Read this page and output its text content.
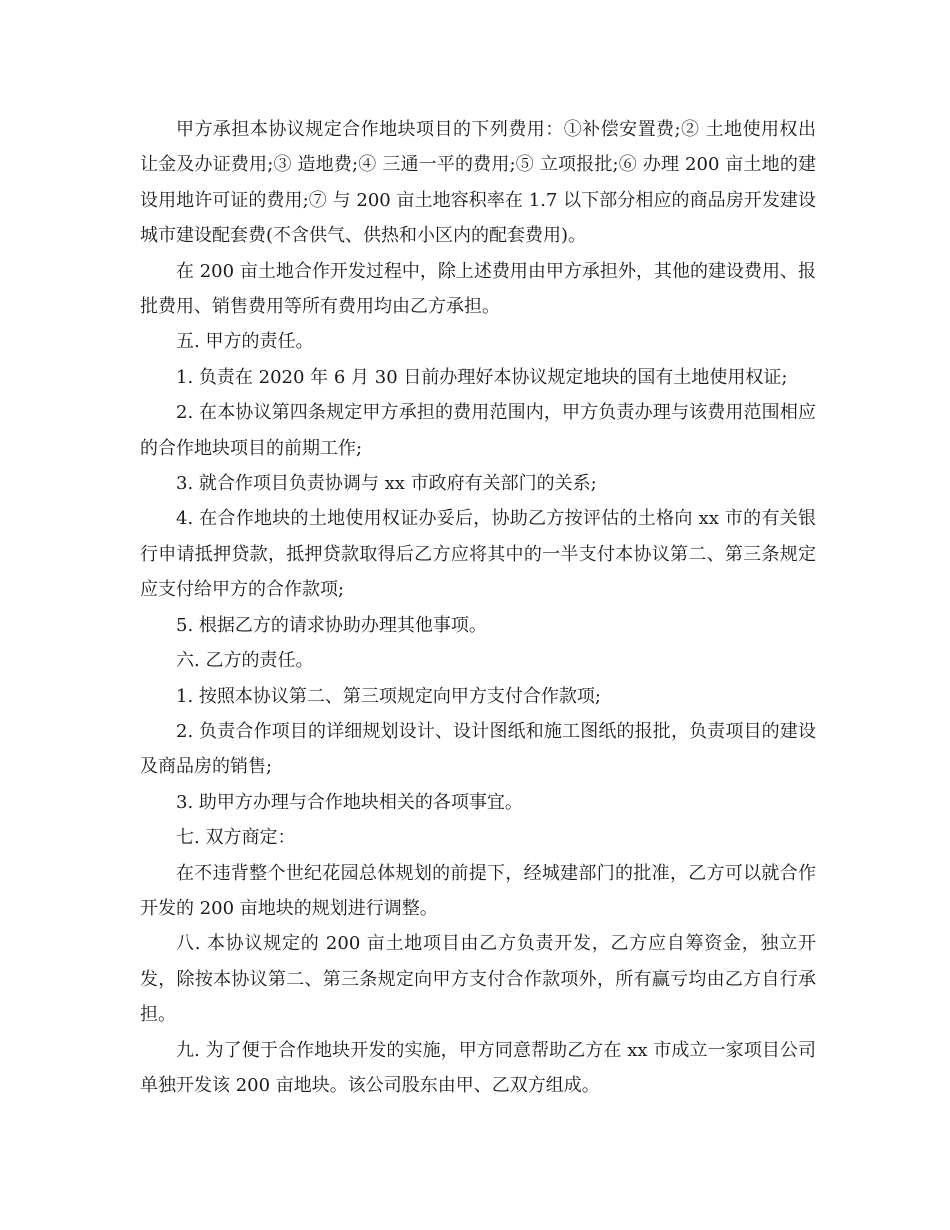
甲方承担本协议规定合作地块项目的下列费用：①补偿安置费;② 土地使用权出让金及办证费用;③ 造地费;④ 三通一平的费用;⑤ 立项报批;⑥ 办理 200 亩土地的建设用地许可证的费用;⑦ 与 200 亩土地容积率在 1.7 以下部分相应的商品房开发建设城市建设配套费(不含供气、供热和小区内的配套费用)。

在 200 亩土地合作开发过程中，除上述费用由甲方承担外，其他的建设费用、报批费用、销售费用等所有费用均由乙方承担。

五. 甲方的责任。

1. 负责在 2020 年 6 月 30 日前办理好本协议规定地块的国有土地使用权证;

2. 在本协议第四条规定甲方承担的费用范围内，甲方负责办理与该费用范围相应的合作地块项目的前期工作;

3. 就合作项目负责协调与 xx 市政府有关部门的关系;

4. 在合作地块的土地使用权证办妥后，协助乙方按评估的土格向 xx 市的有关银行申请抵押贷款，抵押贷款取得后乙方应将其中的一半支付本协议第二、第三条规定应支付给甲方的合作款项;

5. 根据乙方的请求协助办理其他事项。

六. 乙方的责任。

1. 按照本协议第二、第三项规定向甲方支付合作款项;

2. 负责合作项目的详细规划设计、设计图纸和施工图纸的报批，负责项目的建设及商品房的销售;

3. 助甲方办理与合作地块相关的各项事宜。

七. 双方商定：

在不违背整个世纪花园总体规划的前提下，经城建部门的批准，乙方可以就合作开发的 200 亩地块的规划进行调整。

八. 本协议规定的 200 亩土地项目由乙方负责开发，乙方应自筹资金，独立开发，除按本协议第二、第三条规定向甲方支付合作款项外，所有赢亏均由乙方自行承担。

九. 为了便于合作地块开发的实施，甲方同意帮助乙方在 xx 市成立一家项目公司单独开发该 200 亩地块。该公司股东由甲、乙双方组成。
